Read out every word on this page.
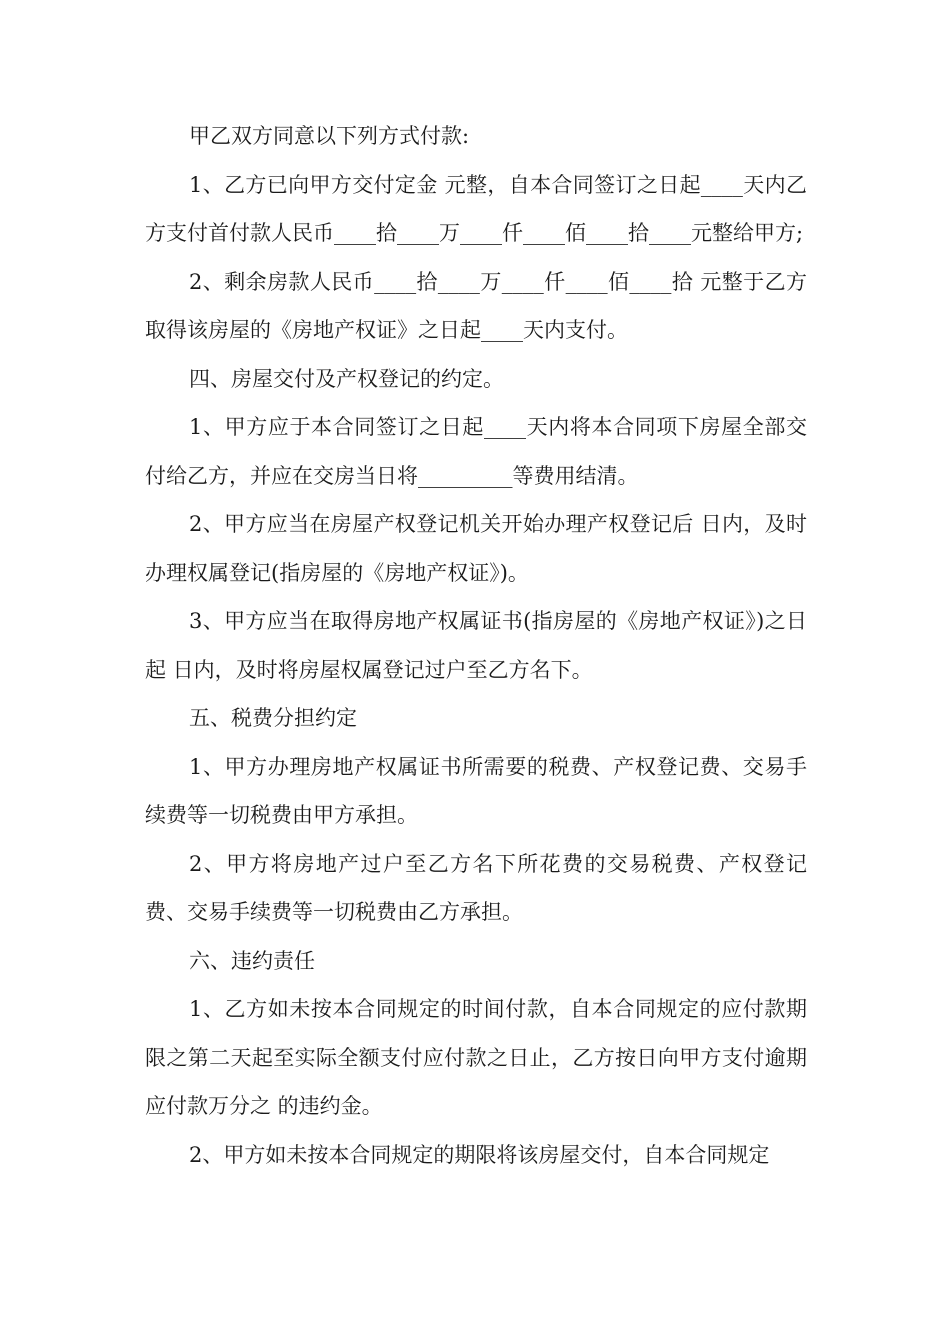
甲乙双方同意以下列方式付款:

1、乙方已向甲方交付定金 元整，自本合同签订之日起____天内乙方支付首付款人民币____拾____万____仟____佰____拾____元整给甲方;

2、剩余房款人民币____拾____万____仟____佰____拾 元整于乙方取得该房屋的《房地产权证》之日起____天内支付。

四、房屋交付及产权登记的约定。

1、甲方应于本合同签订之日起____天内将本合同项下房屋全部交付给乙方，并应在交房当日将_________等费用结清。

2、甲方应当在房屋产权登记机关开始办理产权登记后 日内，及时办理权属登记(指房屋的《房地产权证》)。

3、甲方应当在取得房地产权属证书(指房屋的《房地产权证》)之日起 日内，及时将房屋权属登记过户至乙方名下。

五、税费分担约定

1、甲方办理房地产权属证书所需要的税费、产权登记费、交易手续费等一切税费由甲方承担。

2、甲方将房地产过户至乙方名下所花费的交易税费、产权登记费、交易手续费等一切税费由乙方承担。

六、违约责任

1、乙方如未按本合同规定的时间付款，自本合同规定的应付款期限之第二天起至实际全额支付应付款之日止，乙方按日向甲方支付逾期应付款万分之 的违约金。

2、甲方如未按本合同规定的期限将该房屋交付，自本合同规定
